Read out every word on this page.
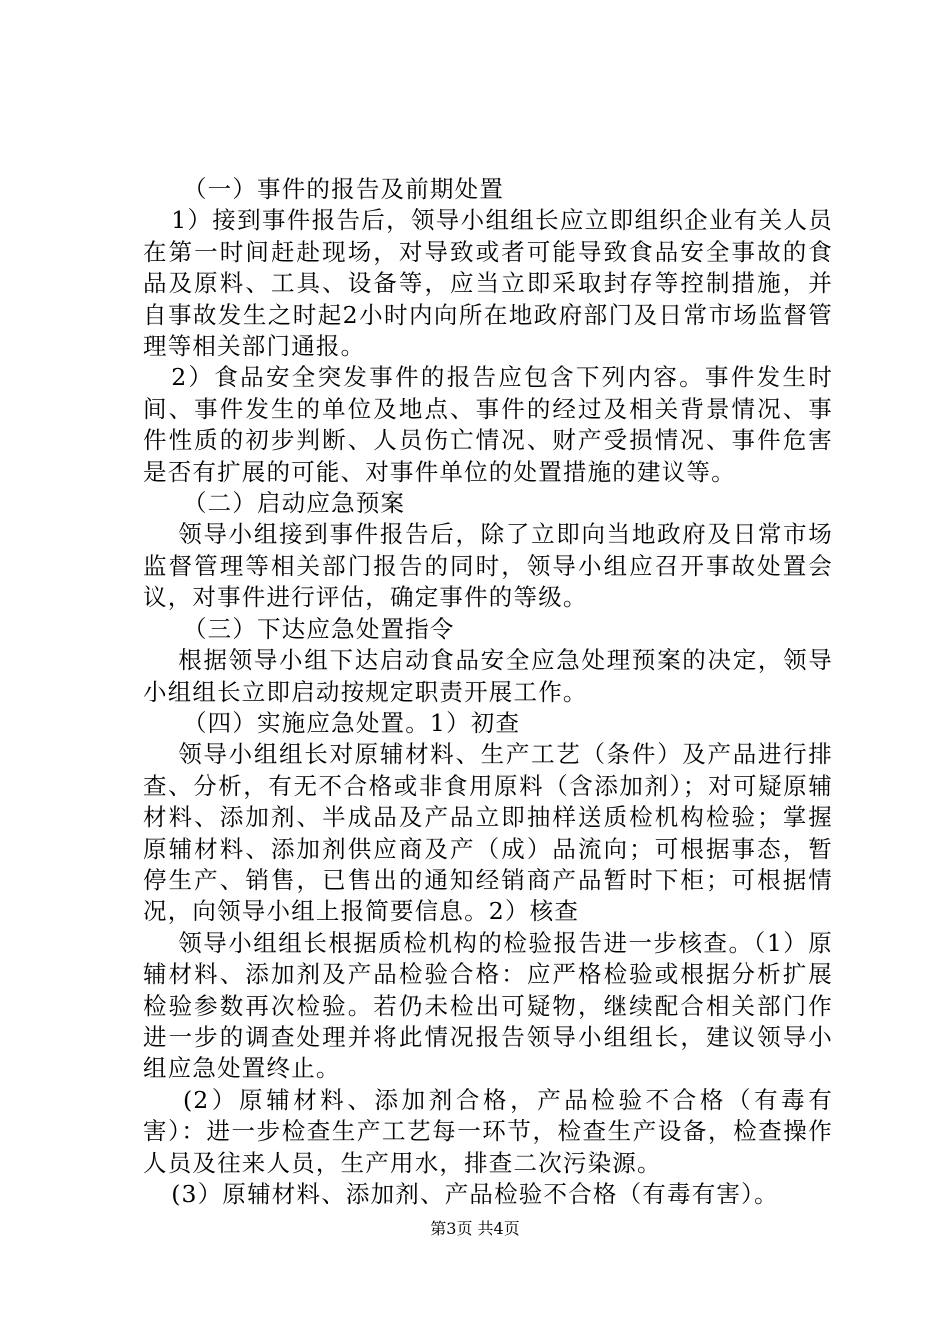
（一）事件的报告及前期处置

1）接到事件报告后，领导小组组长应立即组织企业有关人员在第一时间赶赴现场，对导致或者可能导致食品安全事故的食品及原料、工具、设备等，应当立即采取封存等控制措施，并自事故发生之时起2小时内向所在地政府部门及日常市场监督管理等相关部门通报。

2）食品安全突发事件的报告应包含下列内容。事件发生时间、事件发生的单位及地点、事件的经过及相关背景情况、事件性质的初步判断、人员伤亡情况、财产受损情况、事件危害是否有扩展的可能、对事件单位的处置措施的建议等。

（二）启动应急预案

领导小组接到事件报告后，除了立即向当地政府及日常市场监督管理等相关部门报告的同时，领导小组应召开事故处置会议，对事件进行评估，确定事件的等级。

（三）下达应急处置指令

根据领导小组下达启动食品安全应急处理预案的决定，领导小组组长立即启动按规定职责开展工作。

（四）实施应急处置。1）初查

领导小组组长对原辅材料、生产工艺（条件）及产品进行排查、分析，有无不合格或非食用原料（含添加剂）；对可疑原辅材料、添加剂、半成品及产品立即抽样送质检机构检验；掌握原辅材料、添加剂供应商及产（成）品流向；可根据事态，暂停生产、销售，已售出的通知经销商产品暂时下柜；可根据情况，向领导小组上报简要信息。2）核查

领导小组组长根据质检机构的检验报告进一步核查。（1）原辅材料、添加剂及产品检验合格：应严格检验或根据分析扩展检验参数再次检验。若仍未检出可疑物，继续配合相关部门作进一步的调查处理并将此情况报告领导小组组长，建议领导小组应急处置终止。

(2）原辅材料、添加剂合格，产品检验不合格（有毒有害）：进一步检查生产工艺每一环节，检查生产设备，检查操作人员及往来人员，生产用水，排查二次污染源。

(3）原辅材料、添加剂、产品检验不合格（有毒有害）。

第3页 共4页
